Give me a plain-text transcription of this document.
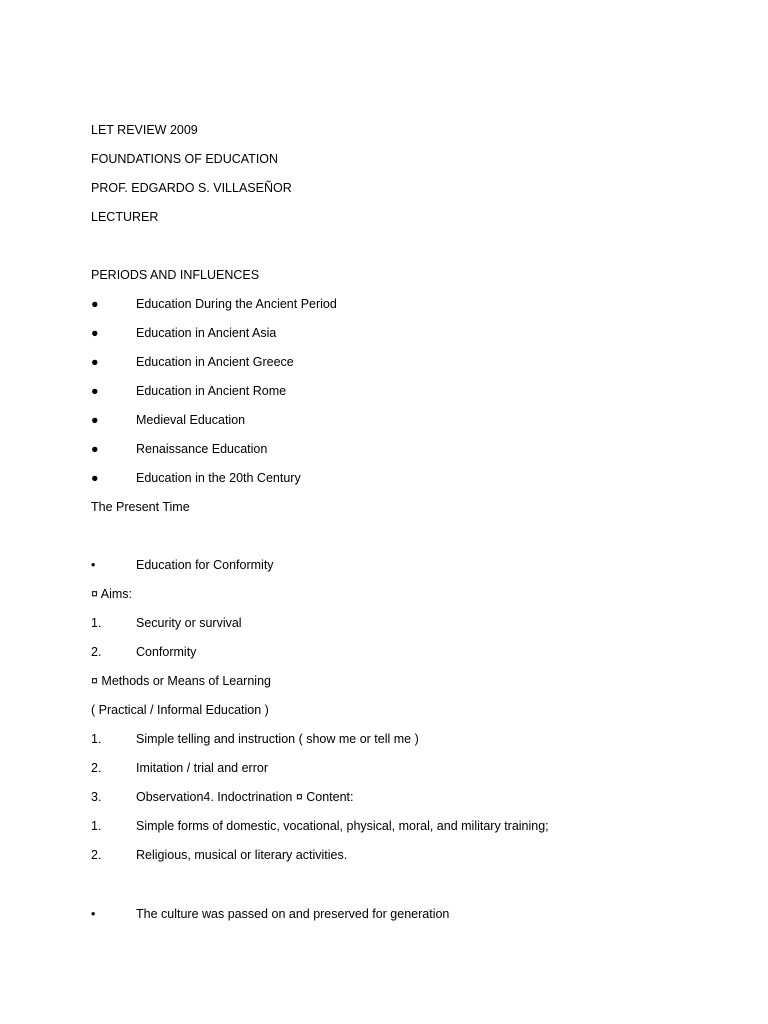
LET REVIEW 2009
FOUNDATIONS OF EDUCATION
PROF. EDGARDO S. VILLASEÑOR
LECTURER
PERIODS AND INFLUENCES
●	Education During the Ancient Period
●	Education in Ancient Asia
●	Education in Ancient Greece
●	Education in Ancient Rome
●	Medieval Education
●	Renaissance Education
●	Education in the 20th Century
The Present Time
•	Education for Conformity
¤ Aims:
1.	Security or survival
2.	Conformity
¤ Methods or Means of Learning
( Practical / Informal Education )
1.	Simple telling and instruction ( show me or tell me )
2.	Imitation / trial and error
3.	Observation4. Indoctrination ¤ Content:
1.	Simple forms of domestic, vocational, physical, moral, and military training;
2.	Religious, musical or literary activities.
•	The culture was passed on and preserved for generation
